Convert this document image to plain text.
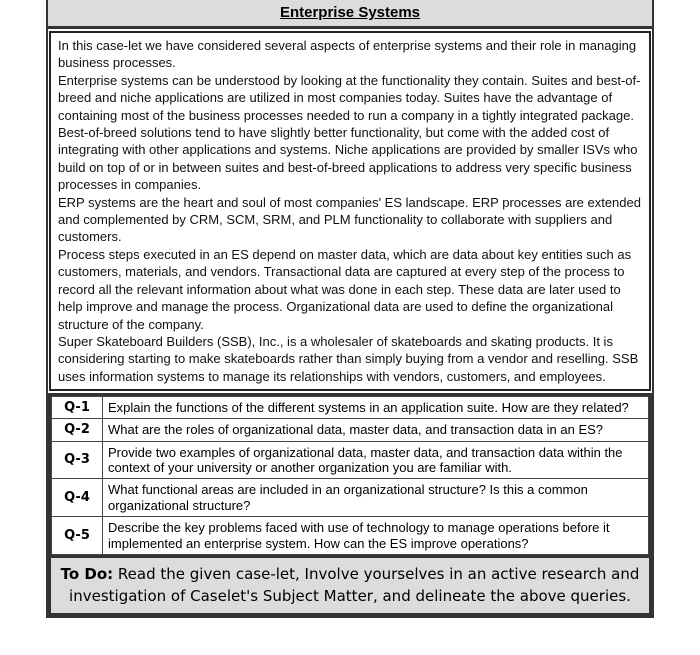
Enterprise Systems

In this case-let we have considered several aspects of enterprise systems and their role in managing business processes.

Enterprise systems can be understood by looking at the functionality they contain. Suites and best-of-breed and niche applications are utilized in most companies today. Suites have the advantage of containing most of the business processes needed to run a company in a tightly integrated package. Best-of-breed solutions tend to have slightly better functionality, but come with the added cost of integrating with other applications and systems. Niche applications are provided by smaller ISVs who build on top of or in between suites and best-of-breed applications to address very specific business processes in companies.

ERP systems are the heart and soul of most companies' ES landscape. ERP processes are extended and complemented by CRM, SCM, SRM, and PLM functionality to collaborate with suppliers and customers.

Process steps executed in an ES depend on master data, which are data about key entities such as customers, materials, and vendors. Transactional data are captured at every step of the process to record all the relevant information about what was done in each step. These data are later used to help improve and manage the process. Organizational data are used to define the organizational structure of the company.

Super Skateboard Builders (SSB), Inc., is a wholesaler of skateboards and skating products. It is considering starting to make skateboards rather than simply buying from a vendor and reselling. SSB uses information systems to manage its relationships with vendors, customers, and employees.

Q-1	Explain the functions of the different systems in an application suite. How are they related?
Q-2	What are the roles of organizational data, master data, and transaction data in an ES?
Q-3	Provide two examples of organizational data, master data, and transaction data within the context of your university or another organization you are familiar with.
Q-4	What functional areas are included in an organizational structure? Is this a common organizational structure?
Q-5	Describe the key problems faced with use of technology to manage operations before it implemented an enterprise system. How can the ES improve operations?
To Do: Read the given case-let, Involve yourselves in an active research and investigation of Caselet's Subject Matter, and delineate the above queries.
